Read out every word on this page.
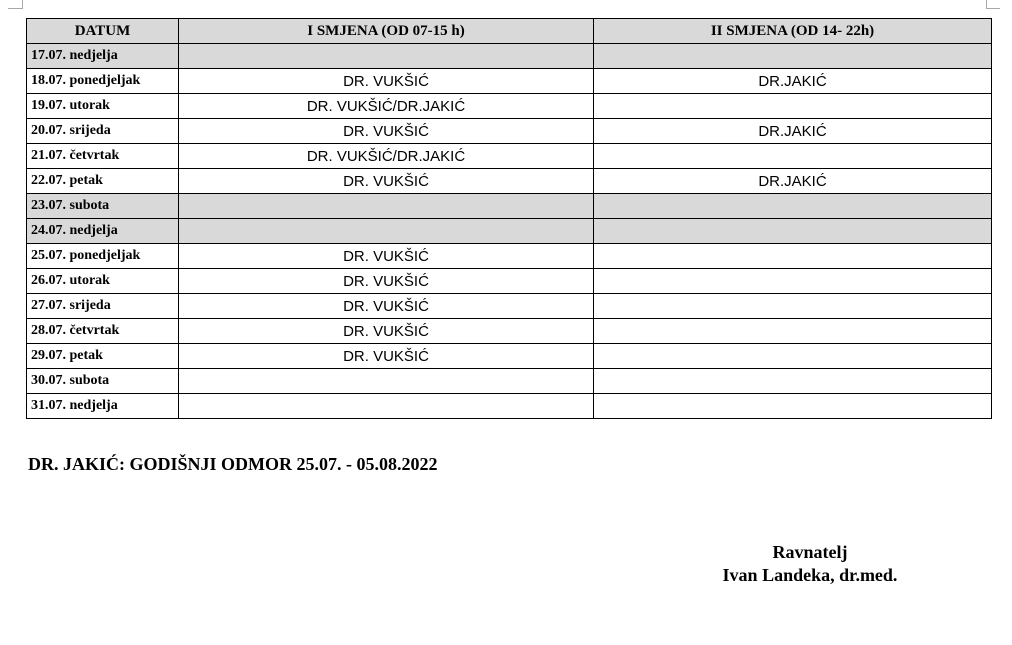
DATUM	I SMJENA (OD 07-15 h)	II SMJENA (OD 14- 22h)
17.07. nedjelja		
18.07. ponedjeljak	DR. VUKŠIĆ	DR.JAKIĆ
19.07. utorak	DR. VUKŠIĆ/DR.JAKIĆ	
20.07. srijeda	DR. VUKŠIĆ	DR.JAKIĆ
21.07. četvrtak	DR. VUKŠIĆ/DR.JAKIĆ	
22.07. petak	DR. VUKŠIĆ	DR.JAKIĆ
23.07. subota		
24.07. nedjelja		
25.07. ponedjeljak	DR. VUKŠIĆ	
26.07. utorak	DR. VUKŠIĆ	
27.07. srijeda	DR. VUKŠIĆ	
28.07. četvrtak	DR. VUKŠIĆ	
29.07. petak	DR. VUKŠIĆ	
30.07. subota		
31.07. nedjelja		
DR. JAKIĆ: GODIŠNJI ODMOR 25.07. - 05.08.2022
Ravnatelj
Ivan Landeka, dr.med.
